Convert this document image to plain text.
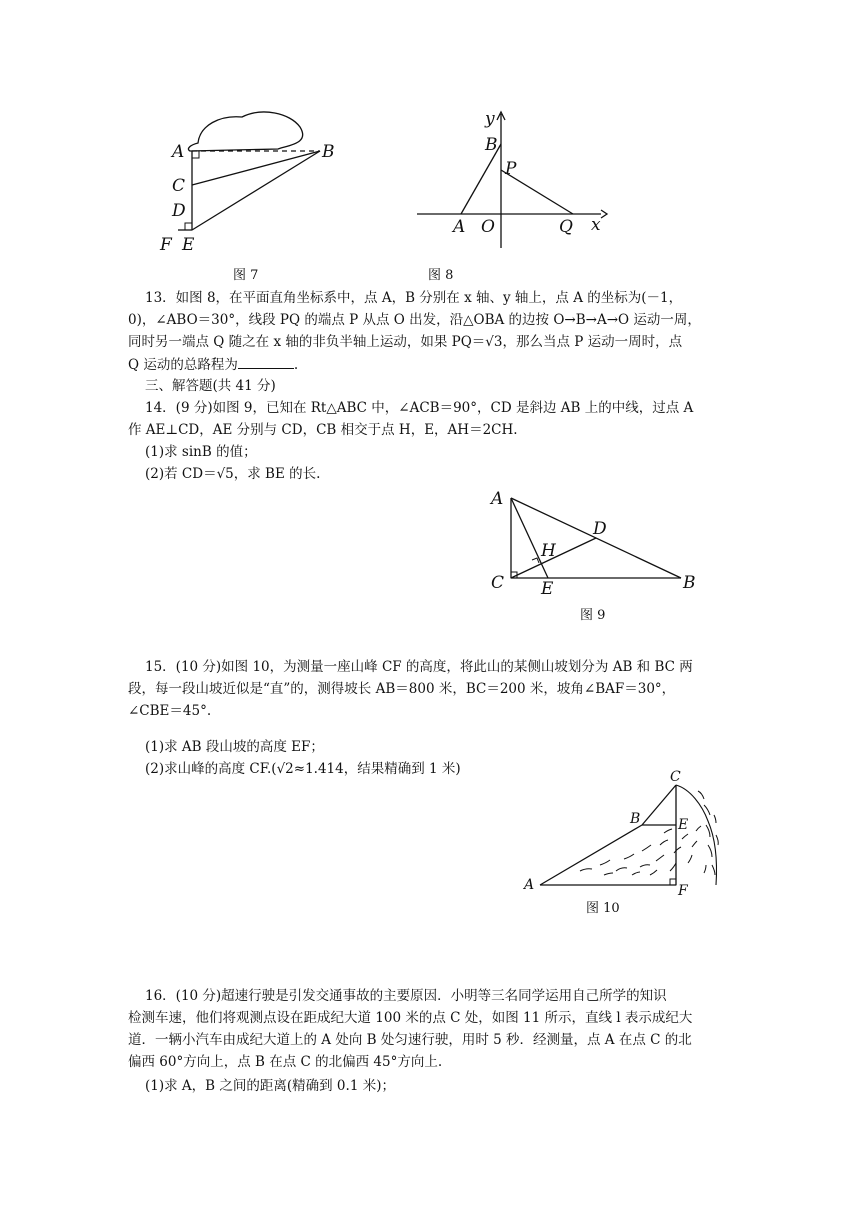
A	B
C
D
F E
图 7
y
B
P
A O	Q x
图 8
13．如图 8，在平面直角坐标系中，点 A，B 分别在 x 轴、y 轴上，点 A 的坐标为(－1，
0)，∠ABO＝30°，线段 PQ 的端点 P 从点 O 出发，沿△OBA 的边按 O→B→A→O 运动一周，
同时另一端点 Q 随之在 x 轴的非负半轴上运动，如果 PQ＝√3，那么当点 P 运动一周时，点
Q 运动的总路程为	.
三、解答题(共 41 分)
14．(9 分)如图 9，已知在 Rt△ABC 中，∠ACB＝90°，CD 是斜边 AB 上的中线，过点 A
作 AE⊥CD，AE 分别与 CD，CB 相交于点 H，E，AH＝2CH.
(1)求 sinB 的值；
(2)若 CD＝√5，求 BE 的长.
A
D
H
C E	B
图 9
15．(10 分)如图 10，为测量一座山峰 CF 的高度，将此山的某侧山坡划分为 AB 和 BC 两
段，每一段山坡近似是“直”的，测得坡长 AB＝800 米，BC＝200 米，坡角∠BAF＝30°，
∠CBE＝45°.
(1)求 AB 段山坡的高度 EF；
(2)求山峰的高度 CF.(√2≈1.414，结果精确到 1 米)	C
B	E
A	F
图 10
16．(10 分)超速行驶是引发交通事故的主要原因．小明等三名同学运用自己所学的知识
检测车速，他们将观测点设在距成纪大道 100 米的点 C 处，如图 11 所示，直线 l 表示成纪大
道．一辆小汽车由成纪大道上的 A 处向 B 处匀速行驶，用时 5 秒．经测量，点 A 在点 C 的北
偏西 60°方向上，点 B 在点 C 的北偏西 45°方向上.
(1)求 A，B 之间的距离(精确到 0.1 米)；
